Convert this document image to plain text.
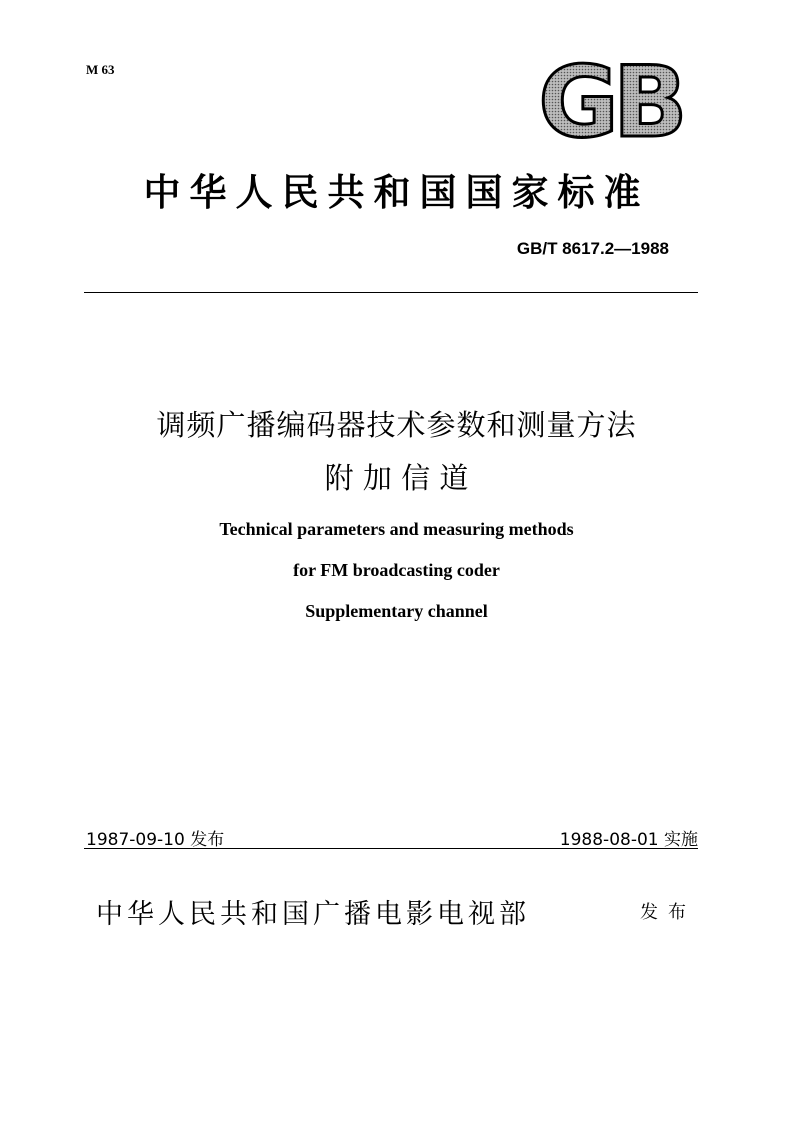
M 63	GB
中华人民共和国国家标准
GB/T 8617.2—1988
调频广播编码器技术参数和测量方法
附 加 信 道
Technical parameters and measuring methods
for FM broadcasting coder
Supplementary channel
1987-09-10 发布	1988-08-01 实施
中华人民共和国广播电影电视部	发布
